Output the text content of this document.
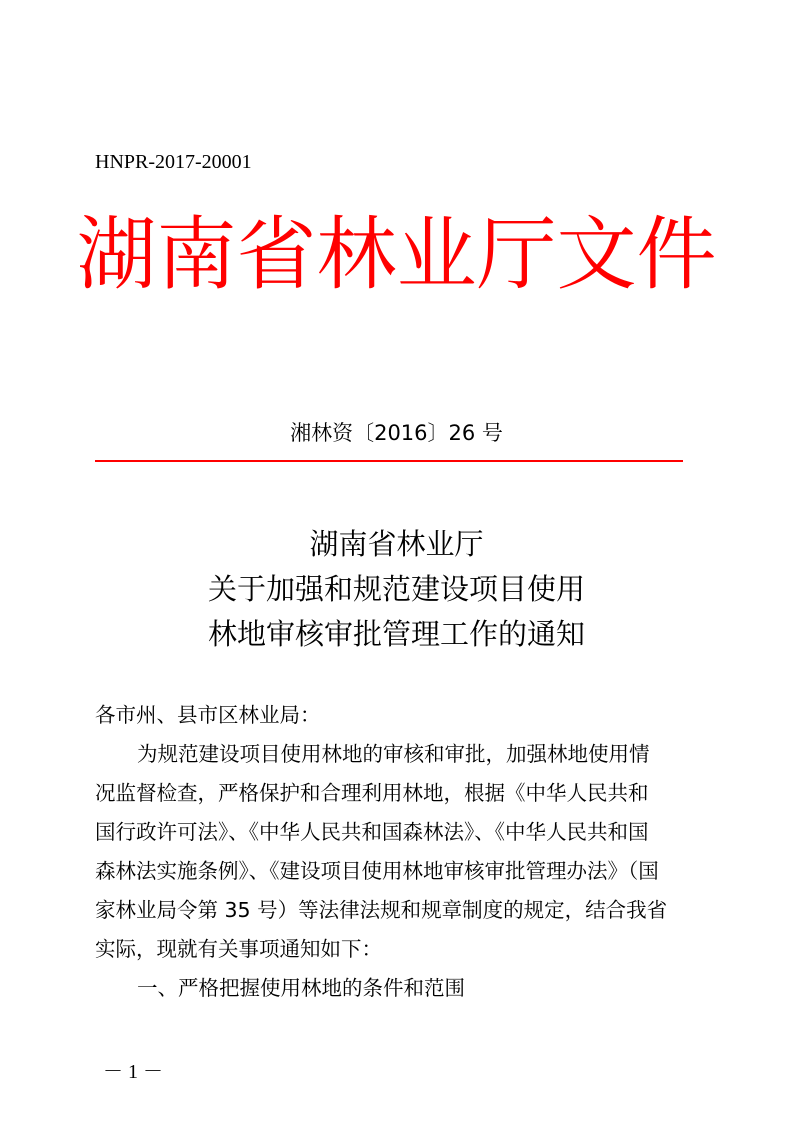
HNPR-2017-20001
湖南省林业厅文件
湘林资〔2016〕26 号
湖南省林业厅
关于加强和规范建设项目使用
林地审核审批管理工作的通知
各市州、县市区林业局：
为规范建设项目使用林地的审核和审批，加强林地使用情
况监督检查，严格保护和合理利用林地，根据《中华人民共和
国行政许可法》、《中华人民共和国森林法》、《中华人民共和国
森林法实施条例》、《建设项目使用林地审核审批管理办法》（国
家林业局令第 35 号）等法律法规和规章制度的规定，结合我省
实际，现就有关事项通知如下：
一、严格把握使用林地的条件和范围
－ 1 －
